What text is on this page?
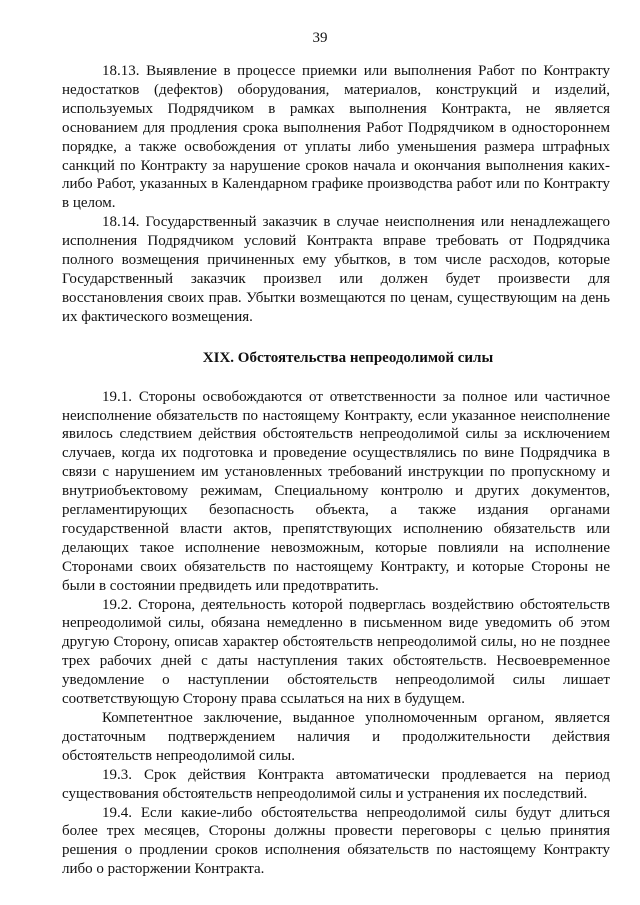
39

18.13. Выявление в процессе приемки или выполнения Работ по Контракту недостатков (дефектов) оборудования, материалов, конструкций и изделий, используемых Подрядчиком в рамках выполнения Контракта, не является основанием для продления срока выполнения Работ Подрядчиком в одностороннем порядке, а также освобождения от уплаты либо уменьшения размера штрафных санкций по Контракту за нарушение сроков начала и окончания выполнения каких-либо Работ, указанных в Календарном графике производства работ или по Контракту в целом.

18.14. Государственный заказчик в случае неисполнения или ненадлежащего исполнения Подрядчиком условий Контракта вправе требовать от Подрядчика полного возмещения причиненных ему убытков, в том числе расходов, которые Государственный заказчик произвел или должен будет произвести для восстановления своих прав. Убытки возмещаются по ценам, существующим на день их фактического возмещения.

XIX. Обстоятельства непреодолимой силы

19.1. Стороны освобождаются от ответственности за полное или частичное неисполнение обязательств по настоящему Контракту, если указанное неисполнение явилось следствием действия обстоятельств непреодолимой силы за исключением случаев, когда их подготовка и проведение осуществлялись по вине Подрядчика в связи с нарушением им установленных требований инструкции по пропускному и внутриобъектовому режимам, Специальному контролю и других документов, регламентирующих безопасность объекта, а также издания органами государственной власти актов, препятствующих исполнению обязательств или делающих такое исполнение невозможным, которые повлияли на исполнение Сторонами своих обязательств по настоящему Контракту, и которые Стороны не были в состоянии предвидеть или предотвратить.

19.2. Сторона, деятельность которой подверглась воздействию обстоятельств непреодолимой силы, обязана немедленно в письменном виде уведомить об этом другую Сторону, описав характер обстоятельств непреодолимой силы, но не позднее трех рабочих дней с даты наступления таких обстоятельств. Несвоевременное уведомление о наступлении обстоятельств непреодолимой силы лишает соответствующую Сторону права ссылаться на них в будущем.

Компетентное заключение, выданное уполномоченным органом, является достаточным подтверждением наличия и продолжительности действия обстоятельств непреодолимой силы.

19.3. Срок действия Контракта автоматически продлевается на период существования обстоятельств непреодолимой силы и устранения их последствий.

19.4. Если какие-либо обстоятельства непреодолимой силы будут длиться более трех месяцев, Стороны должны провести переговоры с целью принятия решения о продлении сроков исполнения обязательств по настоящему Контракту либо о расторжении Контракта.
